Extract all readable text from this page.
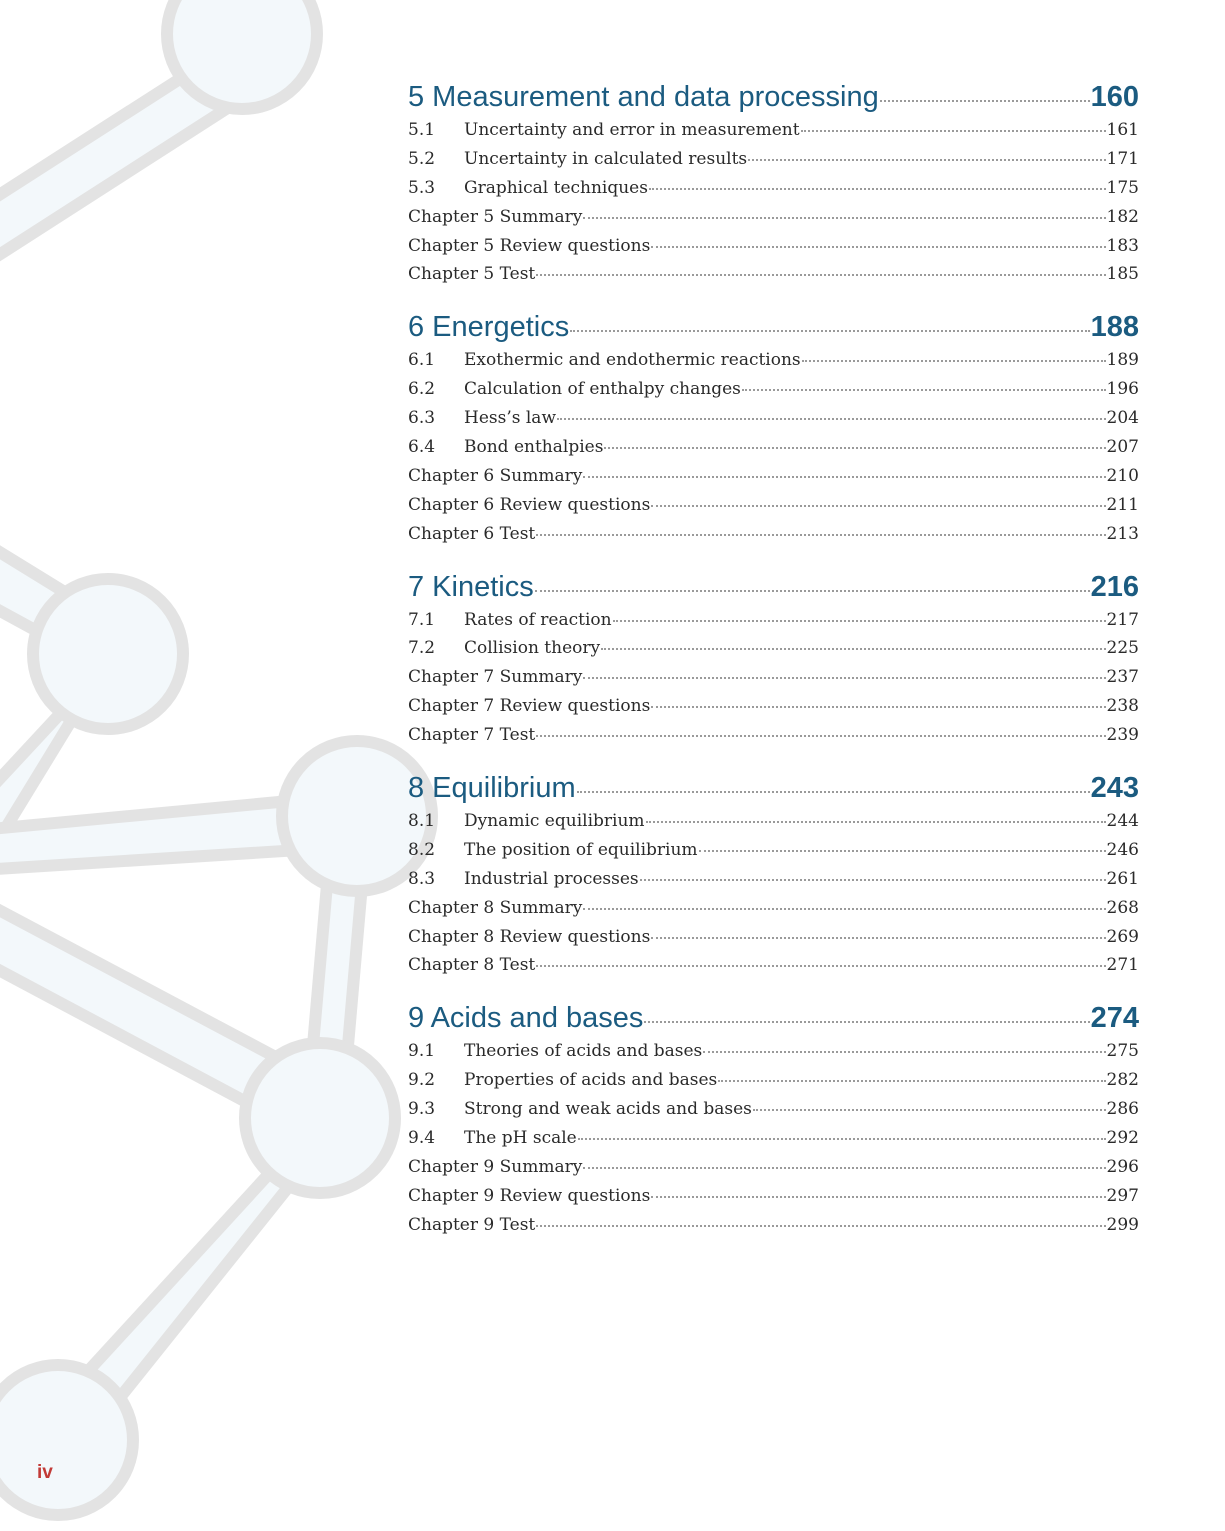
5 Measurement and data processing	160
5.1	Uncertainty and error in measurement	161
5.2	Uncertainty in calculated results	171
5.3	Graphical techniques	175
Chapter 5 Summary	182
Chapter 5 Review questions	183
Chapter 5 Test	185
6 Energetics	188
6.1	Exothermic and endothermic reactions	189
6.2	Calculation of enthalpy changes	196
6.3	Hess’s law	204
6.4	Bond enthalpies	207
Chapter 6 Summary	210
Chapter 6 Review questions	211
Chapter 6 Test	213
7 Kinetics	216
7.1	Rates of reaction	217
7.2	Collision theory	225
Chapter 7 Summary	237
Chapter 7 Review questions	238
Chapter 7 Test	239
8 Equilibrium	243
8.1	Dynamic equilibrium	244
8.2	The position of equilibrium	246
8.3	Industrial processes	261
Chapter 8 Summary	268
Chapter 8 Review questions	269
Chapter 8 Test	271
9 Acids and bases	274
9.1	Theories of acids and bases	275
9.2	Properties of acids and bases	282
9.3	Strong and weak acids and bases	286
9.4	The pH scale	292
Chapter 9 Summary	296
Chapter 9 Review questions	297
Chapter 9 Test	299
iv
